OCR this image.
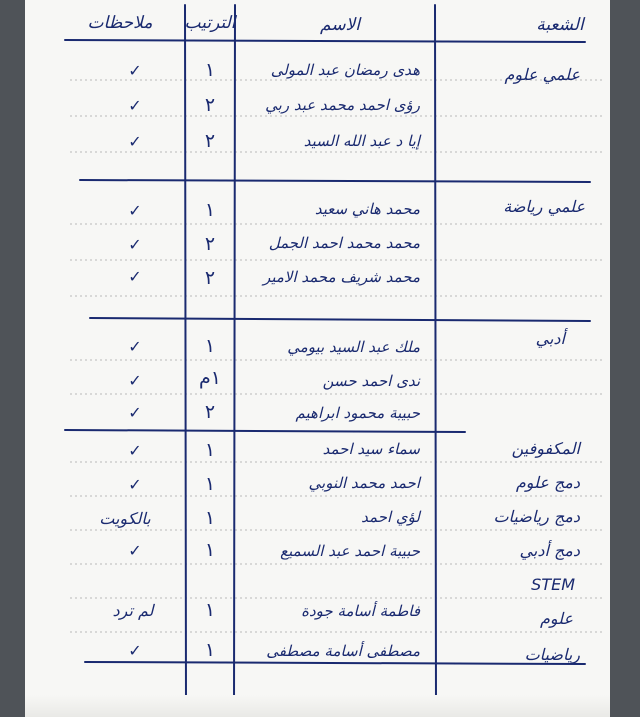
الشعبة
الاسم
الترتيب
ملاحظات
علمي علوم
هدى رمضان عبد المولى
١
✓
رؤى احمد محمد عبد ربي
٢
✓
إيا د عبد الله السيد
٢
✓
علمي رياضة
محمد هاني سعيد
١
✓
محمد محمد احمد الجمل
٢
✓
محمد شريف محمد الامير
٢
✓
أدبي
ملك عبد السيد بيومي
١
✓
ندى احمد حسن
١م
✓
حبيبة محمود ابراهيم
٢
✓
المكفوفين
سماء سيد احمد
١
✓
دمج علوم
احمد محمد النوبي
١
✓
دمج رياضيات
لؤي احمد
١
بالكويت
دمج أدبي
حبيبة احمد عبد السميع
١
✓
STEM
علوم
فاطمة أسامة جودة
١
لم ترد
رياضيات
مصطفى أسامة مصطفى
١
✓
